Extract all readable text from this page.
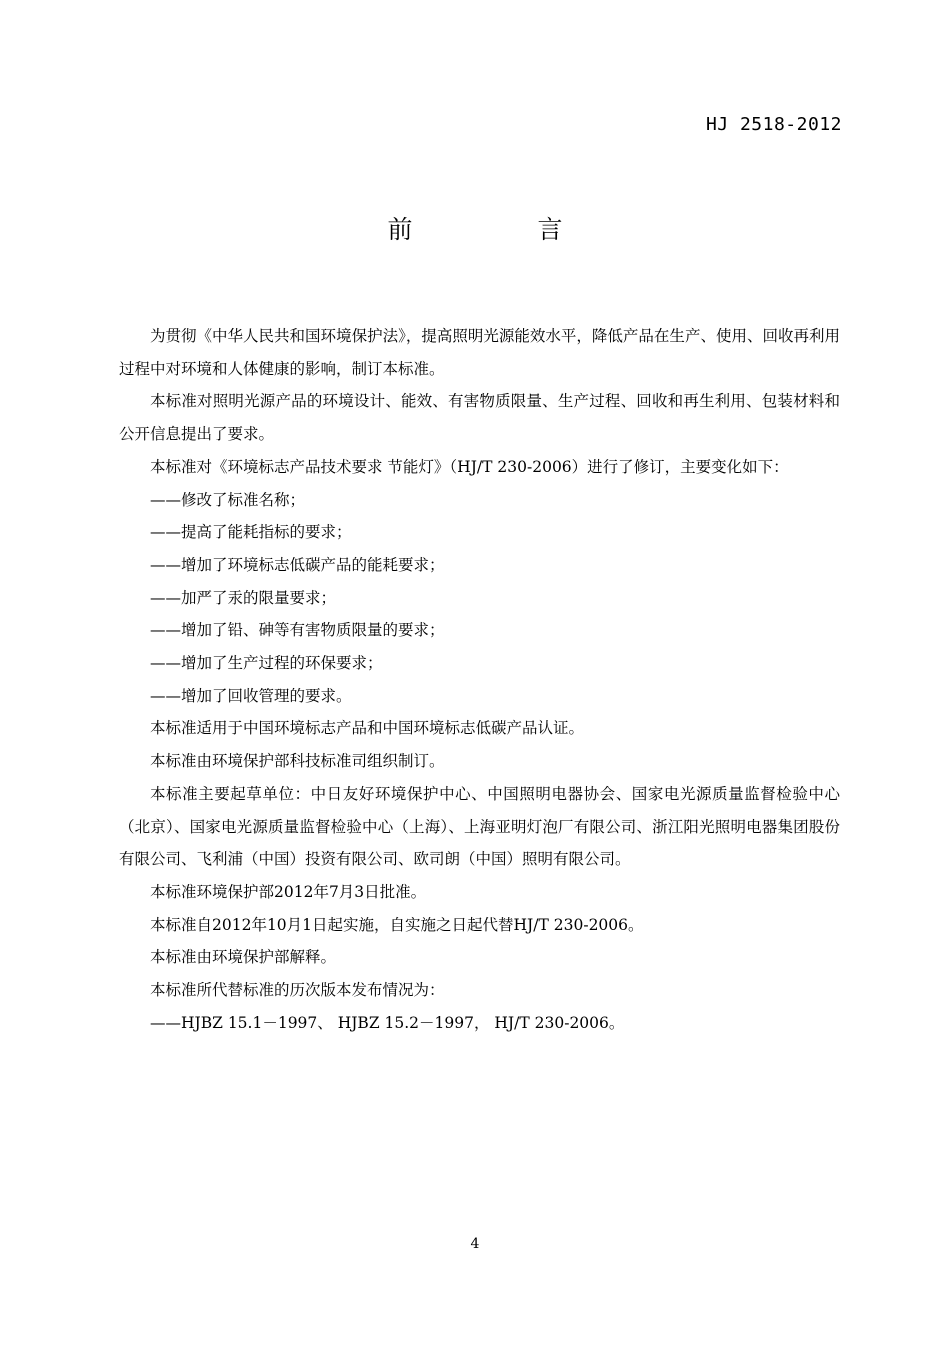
HJ 2518-2012
前　言

为贯彻《中华人民共和国环境保护法》，提高照明光源能效水平，降低产品在生产、使用、回收再利用过程中对环境和人体健康的影响，制订本标准。

本标准对照明光源产品的环境设计、能效、有害物质限量、生产过程、回收和再生利用、包装材料和公开信息提出了要求。

本标准对《环境标志产品技术要求 节能灯》（HJ/T 230-2006）进行了修订，主要变化如下：

——修改了标准名称；

——提高了能耗指标的要求；

——增加了环境标志低碳产品的能耗要求；

——加严了汞的限量要求；

——增加了铅、砷等有害物质限量的要求；

——增加了生产过程的环保要求；

——增加了回收管理的要求。

本标准适用于中国环境标志产品和中国环境标志低碳产品认证。

本标准由环境保护部科技标准司组织制订。

本标准主要起草单位：中日友好环境保护中心、中国照明电器协会、国家电光源质量监督检验中心（北京）、国家电光源质量监督检验中心（上海）、上海亚明灯泡厂有限公司、浙江阳光照明电器集团股份有限公司、飞利浦（中国）投资有限公司、欧司朗（中国）照明有限公司。

本标准环境保护部2012年7月3日批准。

本标准自2012年10月1日起实施，自实施之日起代替HJ/T 230-2006。

本标准由环境保护部解释。

本标准所代替标准的历次版本发布情况为：

——HJBZ 15.1－1997、 HJBZ 15.2－1997， HJ/T 230-2006。

4
